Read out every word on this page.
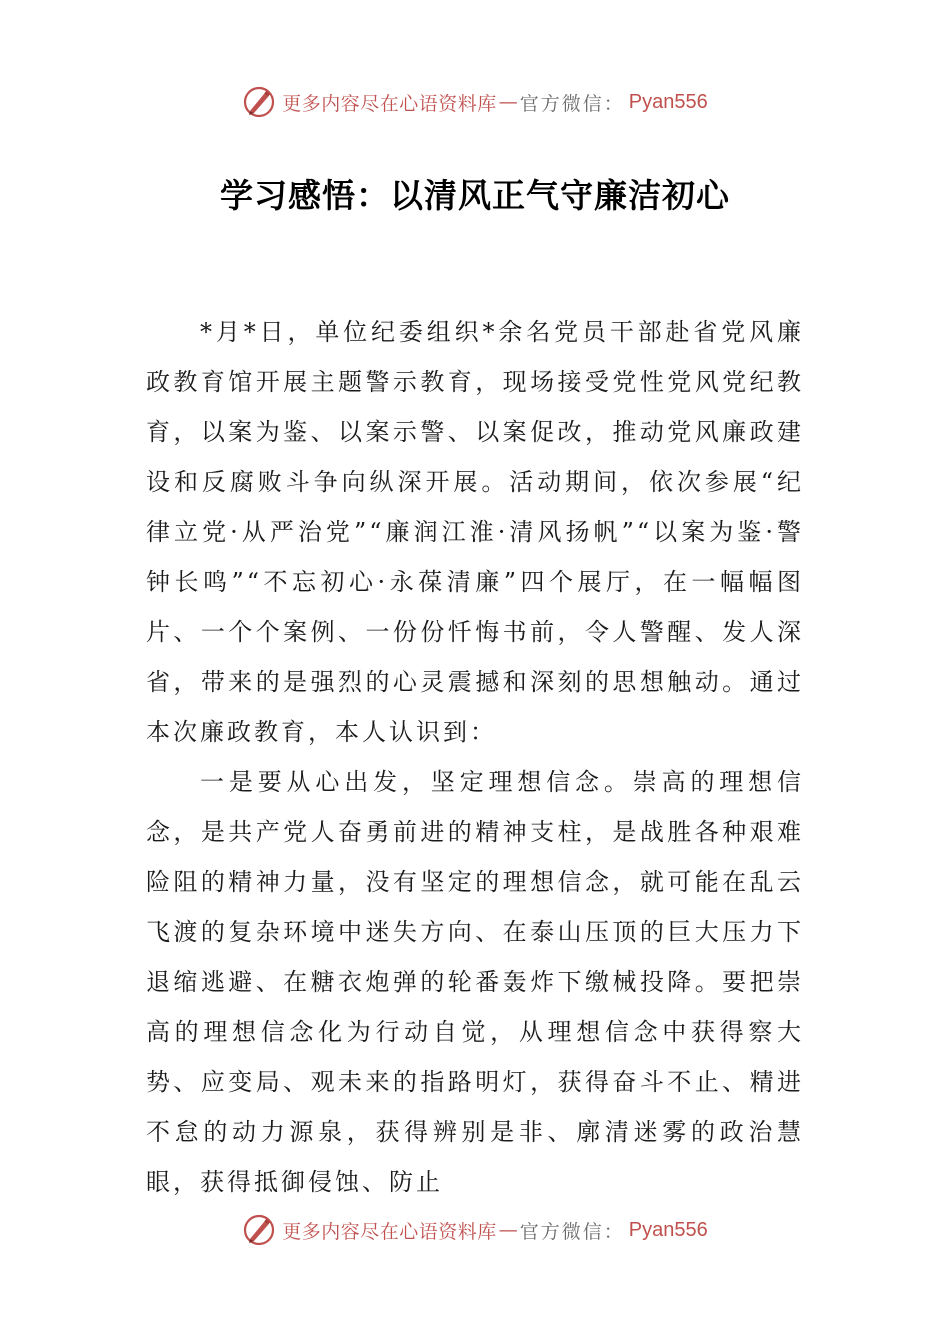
更多内容尽在心语资料库 — 官方微信： Pyan556
学习感悟：以清风正气守廉洁初心

*月*日，单位纪委组织*余名党员干部赴省党风廉政教育馆开展主题警示教育，现场接受党性党风党纪教育，以案为鉴、以案示警、以案促改，推动党风廉政建设和反腐败斗争向纵深开展。活动期间，依次参展“纪律立党·从严治党”“廉润江淮·清风扬帆”“以案为鉴·警钟长鸣”“不忘初心·永葆清廉”四个展厅，在一幅幅图片、一个个案例、一份份忏悔书前，令人警醒、发人深省，带来的是强烈的心灵震撼和深刻的思想触动。通过本次廉政教育，本人认识到：

一是要从心出发，坚定理想信念。崇高的理想信念，是共产党人奋勇前进的精神支柱，是战胜各种艰难险阻的精神力量，没有坚定的理想信念，就可能在乱云飞渡的复杂环境中迷失方向、在泰山压顶的巨大压力下退缩逃避、在糖衣炮弹的轮番轰炸下缴械投降。要把崇高的理想信念化为行动自觉，从理想信念中获得察大势、应变局、观未来的指路明灯，获得奋斗不止、精进不怠的动力源泉，获得辨别是非、廓清迷雾的政治慧眼，获得抵御侵蚀、防止

更多内容尽在心语资料库 — 官方微信： Pyan556
